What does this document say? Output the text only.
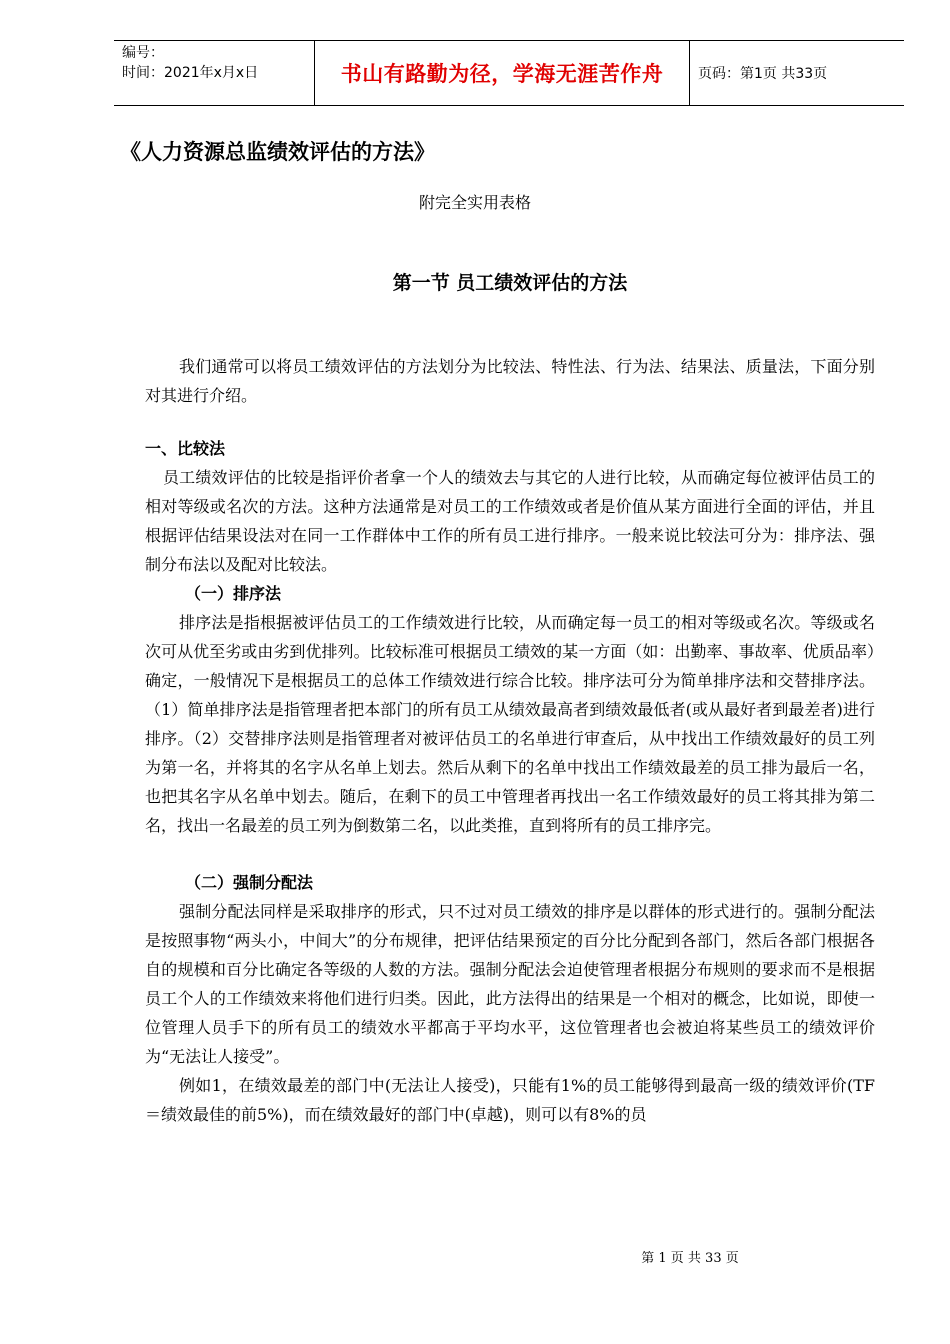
编号：
时间：2021年x月x日	书山有路勤为径，学海无涯苦作舟	页码：第1页 共33页
《人力资源总监绩效评估的方法》
附完全实用表格
第一节 员工绩效评估的方法

我们通常可以将员工绩效评估的方法划分为比较法、特性法、行为法、结果法、质量法，下面分别对其进行介绍。

一、比较法

员工绩效评估的比较是指评价者拿一个人的绩效去与其它的人进行比较，从而确定每位被评估员工的相对等级或名次的方法。这种方法通常是对员工的工作绩效或者是价值从某方面进行全面的评估，并且根据评估结果设法对在同一工作群体中工作的所有员工进行排序。一般来说比较法可分为：排序法、强制分布法以及配对比较法。

（一）排序法

排序法是指根据被评估员工的工作绩效进行比较，从而确定每一员工的相对等级或名次。等级或名次可从优至劣或由劣到优排列。比较标准可根据员工绩效的某一方面（如：出勤率、事故率、优质品率）确定，一般情况下是根据员工的总体工作绩效进行综合比较。排序法可分为简单排序法和交替排序法。（1）简单排序法是指管理者把本部门的所有员工从绩效最高者到绩效最低者(或从最好者到最差者)进行排序。（2）交替排序法则是指管理者对被评估员工的名单进行审查后，从中找出工作绩效最好的员工列为第一名，并将其的名字从名单上划去。然后从剩下的名单中找出工作绩效最差的员工排为最后一名，也把其名字从名单中划去。随后，在剩下的员工中管理者再找出一名工作绩效最好的员工将其排为第二名，找出一名最差的员工列为倒数第二名，以此类推，直到将所有的员工排序完。

（二）强制分配法

强制分配法同样是采取排序的形式，只不过对员工绩效的排序是以群体的形式进行的。强制分配法是按照事物“两头小，中间大”的分布规律，把评估结果预定的百分比分配到各部门，然后各部门根据各自的规模和百分比确定各等级的人数的方法。强制分配法会迫使管理者根据分布规则的要求而不是根据员工个人的工作绩效来将他们进行归类。因此，此方法得出的结果是一个相对的概念，比如说，即使一位管理人员手下的所有员工的绩效水平都高于平均水平，这位管理者也会被迫将某些员工的绩效评价为“无法让人接受”。

例如1，在绩效最差的部门中(无法让人接受)，只能有1%的员工能够得到最高一级的绩效评价(TF＝绩效最佳的前5%)，而在绩效最好的部门中(卓越)，则可以有8%的员

第 1 页 共 33 页
